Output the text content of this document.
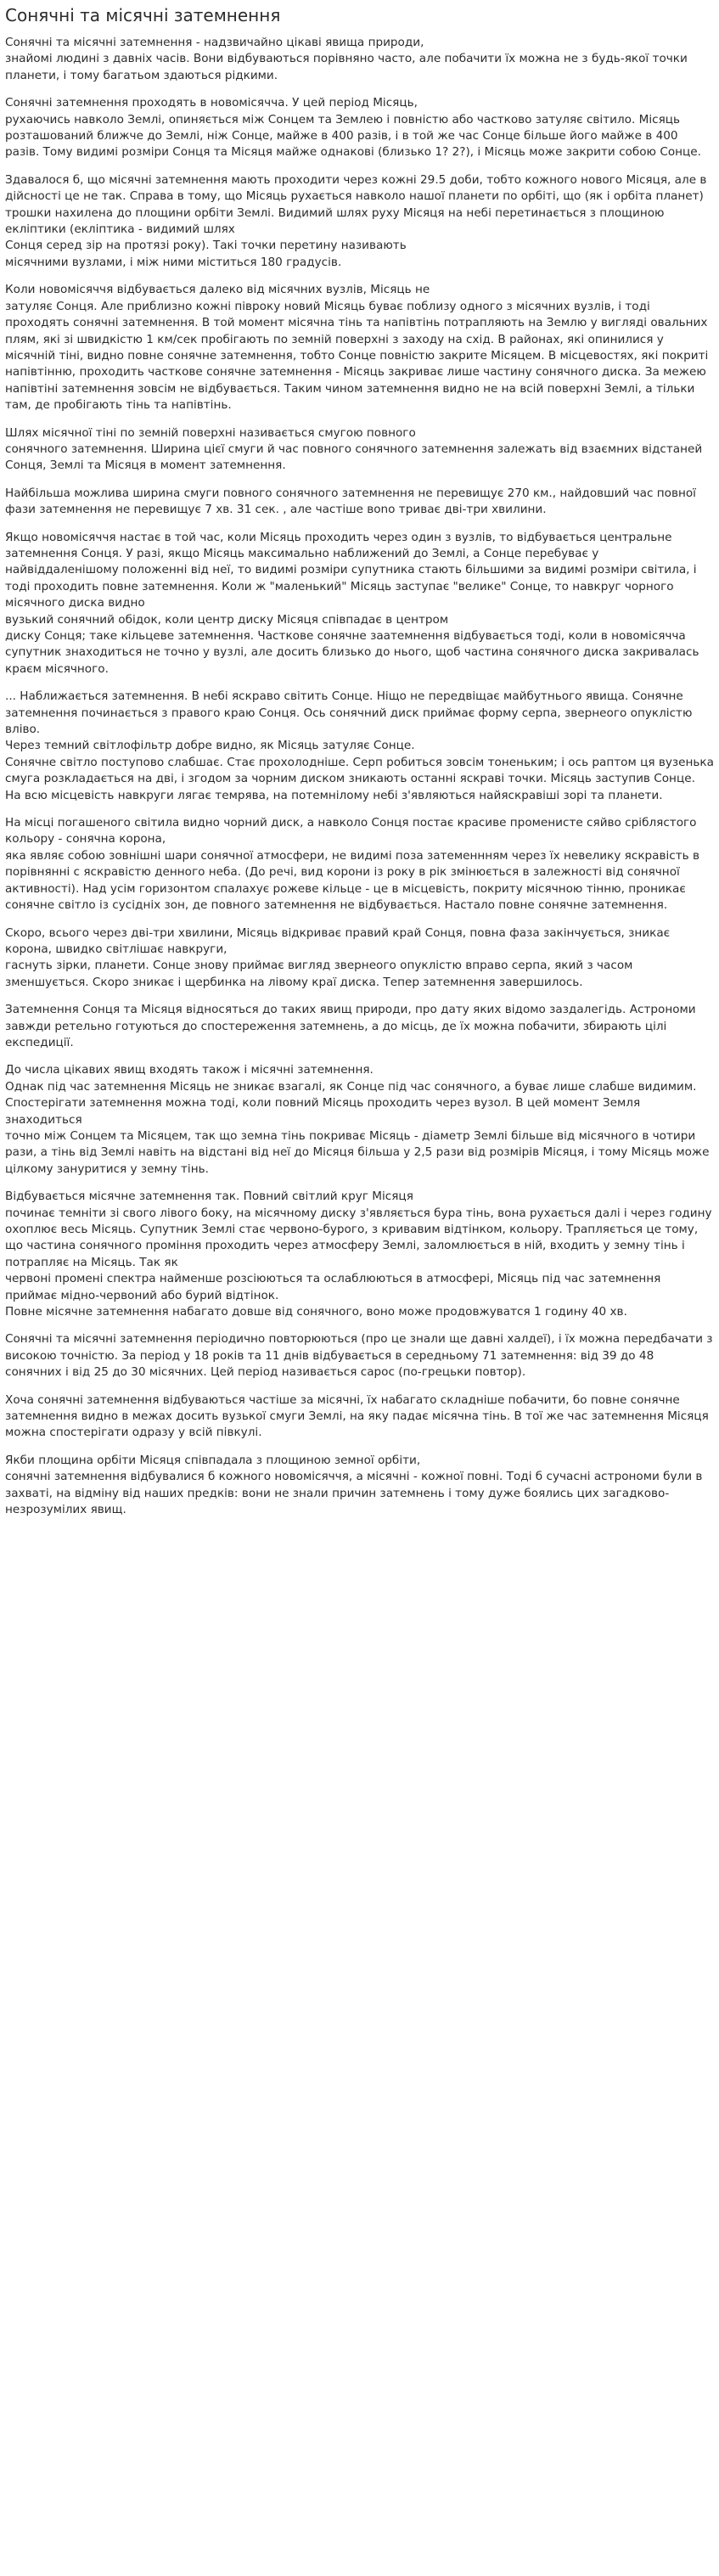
Сонячні та місячні затемнення

Сонячні та місячні затемнення - надзвичайно цікаві явища природи,
знайомі людині з давніх часів. Вони відбуваються порівняно часто, але побачити їх можна не з будь-якої точки планети, і тому багатьом здаються рідкими.

Сонячні затемнення проходять в новомісячча. У цей період Місяць,
рухаючись навколо Землі, опиняється між Сонцем та Землею і повністю або частково затуляє світило. Місяць розташований ближче до Землі, ніж Сонце, майже в 400 разів, і в той же час Сонце більше його майже в 400 разів. Тому видимі розміри Сонця та Місяця майже однакові (близько 1? 2?), і Місяць може закрити собою Сонце.

Здавалося б, що місячні затемнення мають проходити через кожні 29.5 доби, тобто кожного нового Місяця, але в дійсності це не так. Справа в тому, що Місяць рухається навколо нашої планети по орбіті, що (як і орбіта планет) трошки нахилена до площини орбіти Землі. Видимий шлях руху Місяця на небі перетинається з площиною екліптики (екліптика - видимий шлях
Сонця серед зір на протязі року). Такі точки перетину називають
місячними вузлами, і між ними міститься 180 градусів.

Коли новомісяччя відбувається далеко від місячних вузлів, Місяць не
затуляє Сонця. Але приблизно кожні півроку новий Місяць буває поблизу одного з місячних вузлів, і тоді проходять сонячні затемнення. В той момент місячна тінь та напівтінь потрапляють на Землю у вигляді овальних плям, які зі швидкістю 1 км/сек пробігають по земній поверхні з заходу на схід. В районах, які опинилися у місячній тіні, видно повне сонячне затемнення, тобто Сонце повністю закрите Місяцем. В місцевостях, які покриті напівтінню, проходить часткове сонячне затемнення - Місяць закриває лише частину сонячного диска. За межею напівтіні затемнення зовсім не відбувається. Таким чином затемнення видно не на всій поверхні Землі, а тільки там, де пробігають тінь та напівтінь.

Шлях місячної тіні по земній поверхні називається смугою повного
сонячного затемнення. Ширина цієї смуги й час повного сонячного затемнення залежать від взаємних відстаней Сонця, Землі та Місяця в момент затемнення.

Найбільша можлива ширина смуги повного сонячного затемнення не перевищує 270 км., найдовший час повної фази затемнення не перевищує 7 хв. 31 сек. , але частіше вono триває дві-три хвилини.

Якщо новомісяччя настає в той час, коли Місяць проходить через один з вузлів, то відбувається центральне затемнення Сонця. У разі, якщо Місяць максимально наближений до Землі, а Сонце перебуває у найвіддаленішому положенні від неї, то видимі розміри супутника стають більшими за видимі розміри світила, і тоді проходить повне затемнення. Коли ж "маленький" Місяць заступає "велике" Сонце, то навкруг чорного місячного диска видно
вузький сонячний обідок, коли центр диску Місяця співпадає в центром
диску Сонця; таке кільцеве затемнення. Часткове сонячне заатемнення відбувається тоді, коли в новомісячча супутник знаходиться не точно у вузлі, але досить близько до нього, щоб частина сонячного диска закривалась
краєм місячного.

... Наближається затемнення. В небі яскраво світить Сонце. Ніщо не передвіщає майбутнього явища. Сонячне затемнення починається з правого краю Сонця. Ось сонячний диск приймає форму серпа, звернеого опуклістю вліво.
Через темний світлофільтр добре видно, як Місяць затуляє Сонце.
Сонячне світло поступово слабшає. Стає прохолодніше. Серп робиться зовсім тоненьким; і ось раптом ця вузенька смуга розкладається на дві, і згодом за чорним диском зникають останні яскраві точки. Місяць заступив Сонце. На всю місцевість навкруги лягає темрява, на потемнілому небі з'являються найяскравіші зорі та планети.

На місці погашеного світила видно чорний диск, а навколо Сонця постає красиве променисте сяйво сріблястого кольору - сонячна корона,
яка являє собою зовнішні шари сонячної атмосфери, не видимі поза затеменнням через їх невелику яскравість в порівнянні с яскравістю денного неба. (До речі, вид корони із року в рік змінюється в залежності від сонячної активності). Над усім горизонтом спалахує рожеве кільце - це в місцевість, покриту місячною тінню, проникає сонячне світло із сусідніх зон, де повного затемнення не відбувається. Настало повне сонячне затемнення.

Скоро, всього через дві-три хвилини, Місяць відкриває правий край Сонця, повна фаза закінчується, зникає корона, швидко світлішає навкруги,
гаснуть зірки, планети. Сонце знову приймає вигляд звернеого опуклістю вправо серпа, який з часом зменшується. Скоро зникає і щербинка на лівому краї диска. Тепер затемнення завершилось.

Затемнення Сонця та Місяця відносяться до таких явищ природи, про дату яких відомо заздалегідь. Астрономи завжди ретельно готуються до спостереження затемнень, а до місць, де їх можна побачити, збирають цілі експедиції.

До числа цікавих явищ входять також і місячні затемнення.
Однак під час затемнення Місяць не зникає взагалі, як Сонце під час сонячного, а буває лише слабше видимим. Спостерігати затемнення можна тоді, коли повний Місяць проходить через вузол. В цей момент Земля знаходиться
точно між Сонцем та Місяцем, так що земна тінь покриває Місяць - діаметр Землі більше від місячного в чотири рази, а тінь від Землі навіть на відстані від неї до Місяця більша у 2,5 рази від розмірів Місяця, і тому Місяць може цілкому зануритися у земну тінь.

Відбувається місячне затемнення так. Повний світлий круг Місяця
починає темніти зі свого лівого боку, на місячному диску з'являється бура тінь, вона рухається далі і через годину охоплює весь Місяць. Супутник Землі стає червоно-бурого, з кривавим відтінком, кольору. Трапляється це тому, що частина сонячного проміння проходить через атмосферу Землі, заломлюється в ній, входить у земну тінь і потрапляє на Місяць. Так як
червоні промені спектра найменше розсіюються та ослаблюються в атмосфері, Місяць під час затемнення приймає мідно-червоний або бурий відтінок.
Повне місячне затемнення набагато довше від сонячного, воно може продовжуватся 1 годину 40 хв.

Сонячні та місячні затемнення періодично повторюються (про це знали ще давні халдеї), і їх можна передбачати з високою точністю. За період у 18 років та 11 днів відбувається в середньому 71 затемнення: від 39 до 48 сонячних і від 25 до 30 місячних. Цей період називається сарос (по-грецьки повтор).

Хоча сонячні затемнення відбуваються частіше за місячні, їх набагато складніше побачити, бо повне сонячне затемнення видно в межах досить вузької смуги Землі, на яку падає місячна тінь. В тої же час затемнення Місяця можна спостерігати одразу у всій півкулі.

Якби площина орбіти Місяця співпадала з площиною земної орбіти,
сонячні затемнення відбувалися б кожного новомісяччя, а місячні - кожної повні. Тоді б сучасні астрономи були в захваті, на відміну від наших предків: вони не знали причин затемнень і тому дуже боялись цих загадково-незрозумілих явищ.
